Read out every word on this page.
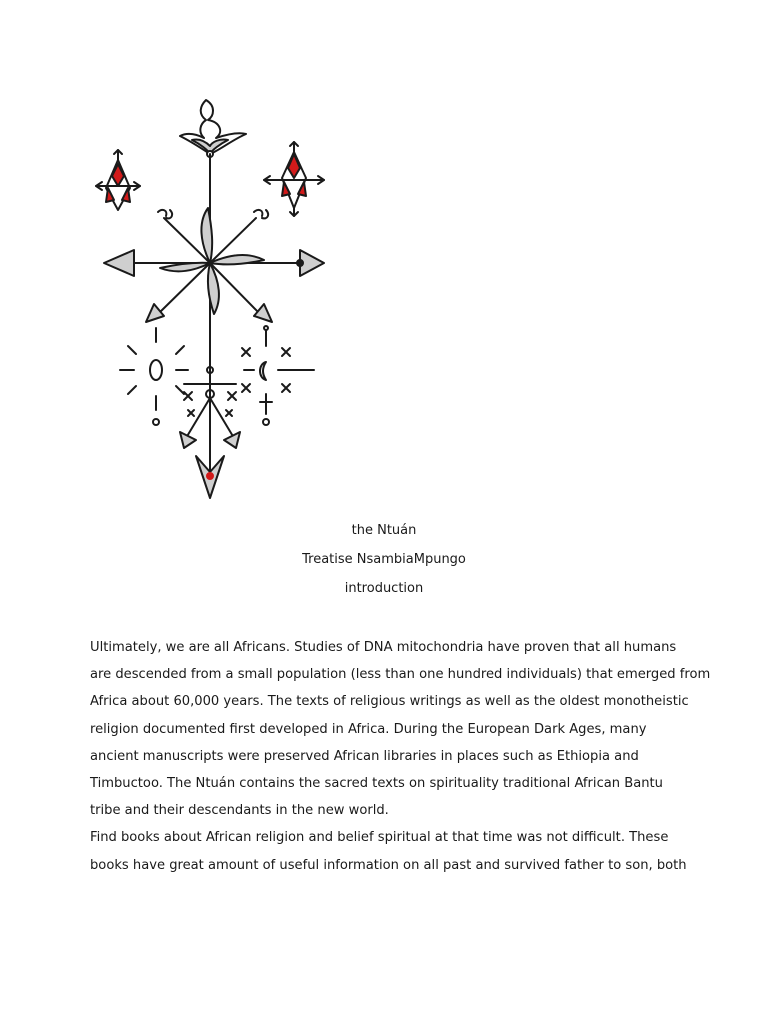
the Ntuán
Treatise NsambiaMpungo
introduction
Ultimately, we are all Africans. Studies of DNA mitochondria have proven that all humans
are descended from a small population (less than one hundred individuals) that emerged from
Africa about 60,000 years. The texts of religious writings as well as the oldest monotheistic
religion documented first developed in Africa. During the European Dark Ages, many
ancient manuscripts were preserved African libraries in places such as Ethiopia and
Timbuctoo. The Ntuán contains the sacred texts on spirituality traditional African Bantu
tribe and their descendants in the new world.
Find books about African religion and belief spiritual at that time was not difficult. These
books have great amount of useful information on all past and survived father to son, both
